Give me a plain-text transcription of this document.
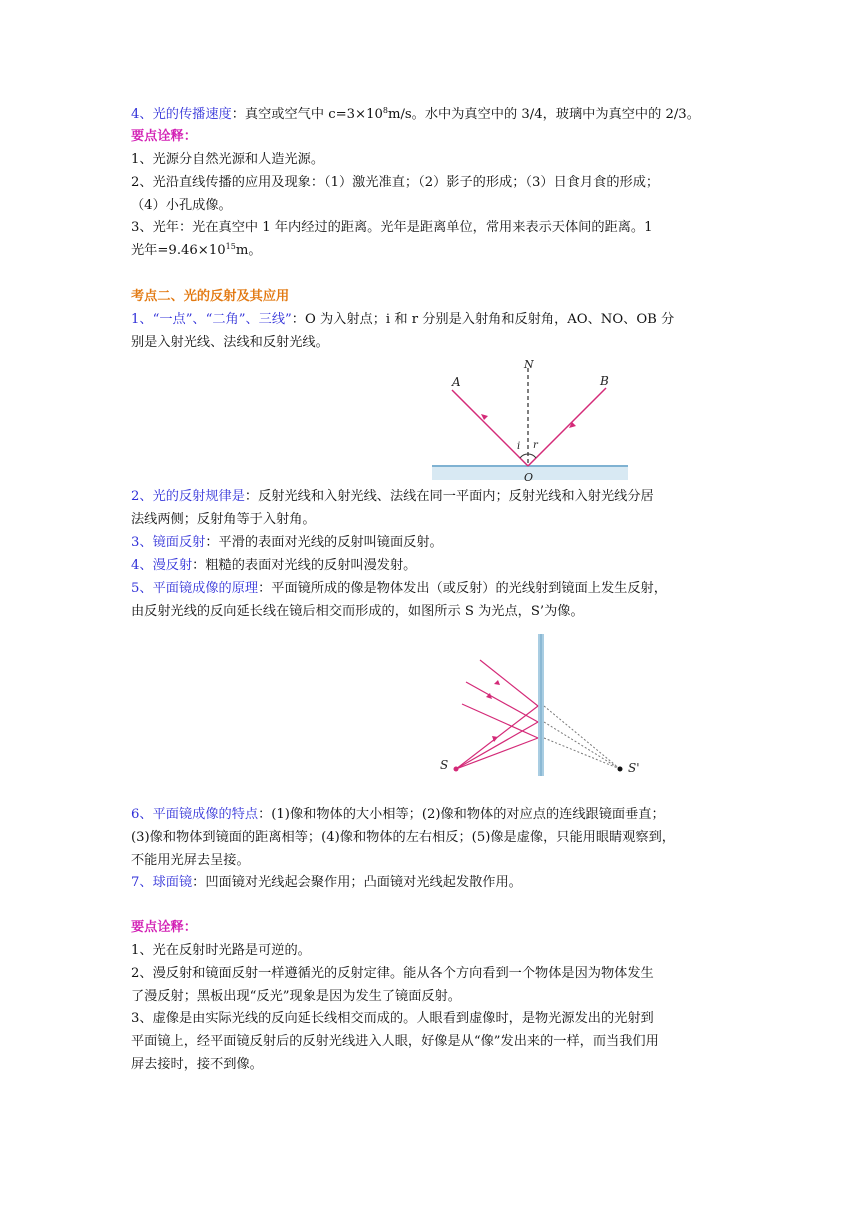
4、光的传播速度：真空或空气中 $c=3\times 10^8m/s$。水中为真空中的 3/4，玻璃中为真空中的 2/3。
要点诠释：
1、光源分自然光源和人造光源。
2、光沿直线传播的应用及现象：（1）激光准直；（2）影子的形成；（3）日食月食的形成；
（4）小孔成像。
3、光年：光在真空中 1 年内经过的距离。光年是距离单位，常用来表示天体间的距离。1
光年$=9.46\times 10^{15}m$。
考点二、光的反射及其应用
1、“一点”、“二角”、三线”：O 为入射点；i 和 r 分别是入射角和反射角，AO、NO、OB 分
别是入射光线、法线和反射光线。
A	B
N
O
i r
2、光的反射规律是：反射光线和入射光线、法线在同一平面内；反射光线和入射光线分居
法线两侧；反射角等于入射角。
3、镜面反射：平滑的表面对光线的反射叫镜面反射。
4、漫反射：粗糙的表面对光线的反射叫漫发射。
5、平面镜成像的原理：平面镜所成的像是物体发出（或反射）的光线射到镜面上发生反射，
由反射光线的反向延长线在镜后相交而形成的，如图所示 S 为光点，S’为像。
S	S'
6、平面镜成像的特点：(1)像和物体的大小相等；(2)像和物体的对应点的连线跟镜面垂直；
(3)像和物体到镜面的距离相等；(4)像和物体的左右相反；(5)像是虚像，只能用眼睛观察到，
不能用光屏去呈接。
7、球面镜：凹面镜对光线起会聚作用；凸面镜对光线起发散作用。
要点诠释：
1、光在反射时光路是可逆的。
2、漫反射和镜面反射一样遵循光的反射定律。能从各个方向看到一个物体是因为物体发生
了漫反射；黑板出现“反光”现象是因为发生了镜面反射。
3、虚像是由实际光线的反向延长线相交而成的。人眼看到虚像时，是物光源发出的光射到
平面镜上，经平面镜反射后的反射光线进入人眼，好像是从“像”发出来的一样，而当我们用
屏去接时，接不到像。
